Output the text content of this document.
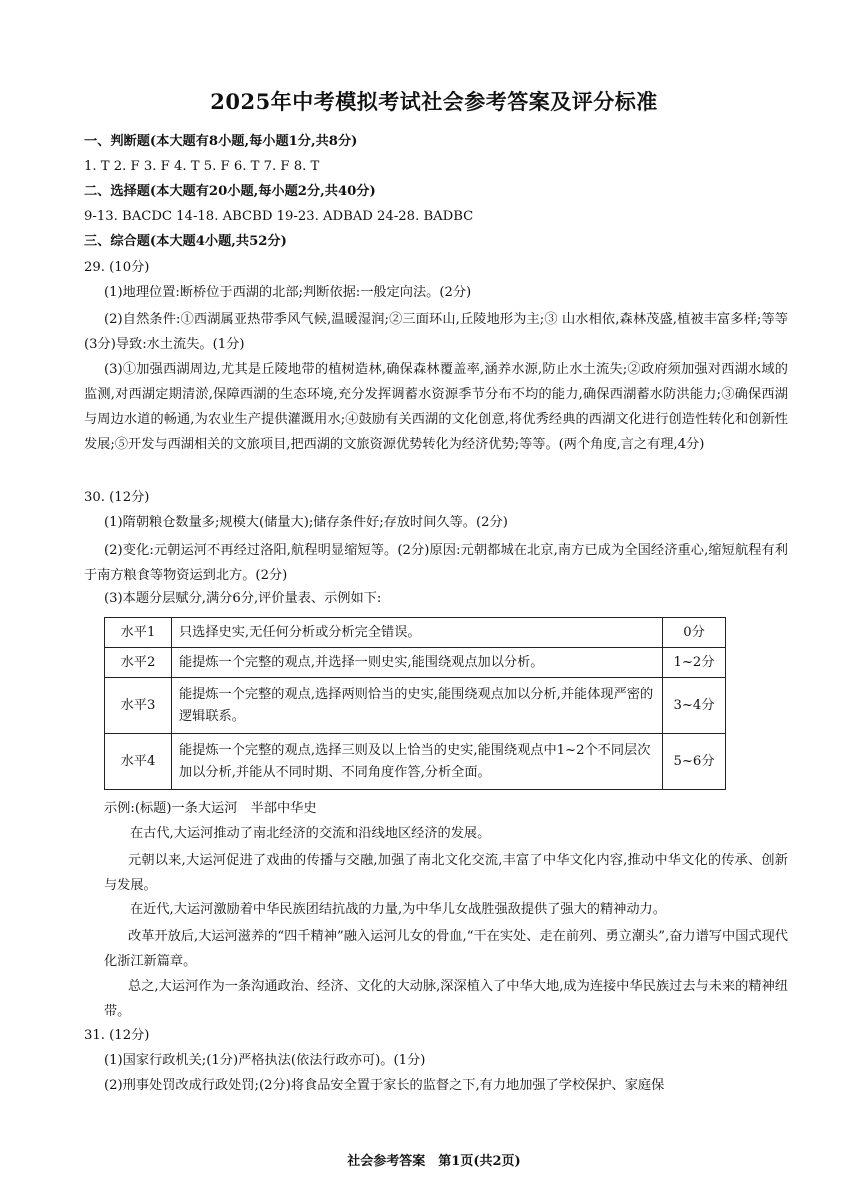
2025年中考模拟考试社会参考答案及评分标准
一、判断题(本大题有8小题,每小题1分,共8分)
1. T 2. F 3. F 4. T 5. F 6. T 7. F 8. T
二、选择题(本大题有20小题,每小题2分,共40分)
9-13. BACDC 14-18. ABCBD 19-23. ADBAD 24-28. BADBC
三、综合题(本大题4小题,共52分)
29. (10分)
(1)地理位置:断桥位于西湖的北部;判断依据:一般定向法。(2分)
(2)自然条件:①西湖属亚热带季风气候,温暖湿润;②三面环山,丘陵地形为主;③ 山水相依,森林茂盛,植被丰富多样;等等(3分)导致:水土流失。(1分)
(3)①加强西湖周边,尤其是丘陵地带的植树造林,确保森林覆盖率,涵养水源,防止水土流失;②政府须加强对西湖水域的监测,对西湖定期清淤,保障西湖的生态环境,充分发挥调蓄水资源季节分布不均的能力,确保西湖蓄水防洪能力;③确保西湖与周边水道的畅通,为农业生产提供灌溉用水;④鼓励有关西湖的文化创意,将优秀经典的西湖文化进行创造性转化和创新性发展;⑤开发与西湖相关的文旅项目,把西湖的文旅资源优势转化为经济优势;等等。(两个角度,言之有理,4分)
30. (12分)
(1)隋朝粮仓数量多;规模大(储量大);储存条件好;存放时间久等。(2分)
(2)变化:元朝运河不再经过洛阳,航程明显缩短等。(2分)原因:元朝都城在北京,南方已成为全国经济重心,缩短航程有利于南方粮食等物资运到北方。(2分)
(3)本题分层赋分,满分6分,评价量表、示例如下:
水平1	只选择史实,无任何分析或分析完全错误。	0分
水平2	能提炼一个完整的观点,并选择一则史实,能围绕观点加以分析。	1~2分
水平3	能提炼一个完整的观点,选择两则恰当的史实,能围绕观点加以分析,并能体现严密的逻辑联系。	3~4分
水平4	能提炼一个完整的观点,选择三则及以上恰当的史实,能围绕观点中1~2个不同层次加以分析,并能从不同时期、不同角度作答,分析全面。	5~6分
示例:(标题)一条大运河　半部中华史
在古代,大运河推动了南北经济的交流和沿线地区经济的发展。
元朝以来,大运河促进了戏曲的传播与交融,加强了南北文化交流,丰富了中华文化内容,推动中华文化的传承、创新与发展。
在近代,大运河激励着中华民族团结抗战的力量,为中华儿女战胜强敌提供了强大的精神动力。
改革开放后,大运河滋养的“四千精神”融入运河儿女的骨血,“干在实处、走在前列、勇立潮头”,奋力谱写中国式现代化浙江新篇章。
总之,大运河作为一条沟通政治、经济、文化的大动脉,深深植入了中华大地,成为连接中华民族过去与未来的精神纽带。
31. (12分)
(1)国家行政机关;(1分)严格执法(依法行政亦可)。(1分)
(2)刑事处罚改成行政处罚;(2分)将食品安全置于家长的监督之下,有力地加强了学校保护、家庭保
社会参考答案　第1页(共2页)
